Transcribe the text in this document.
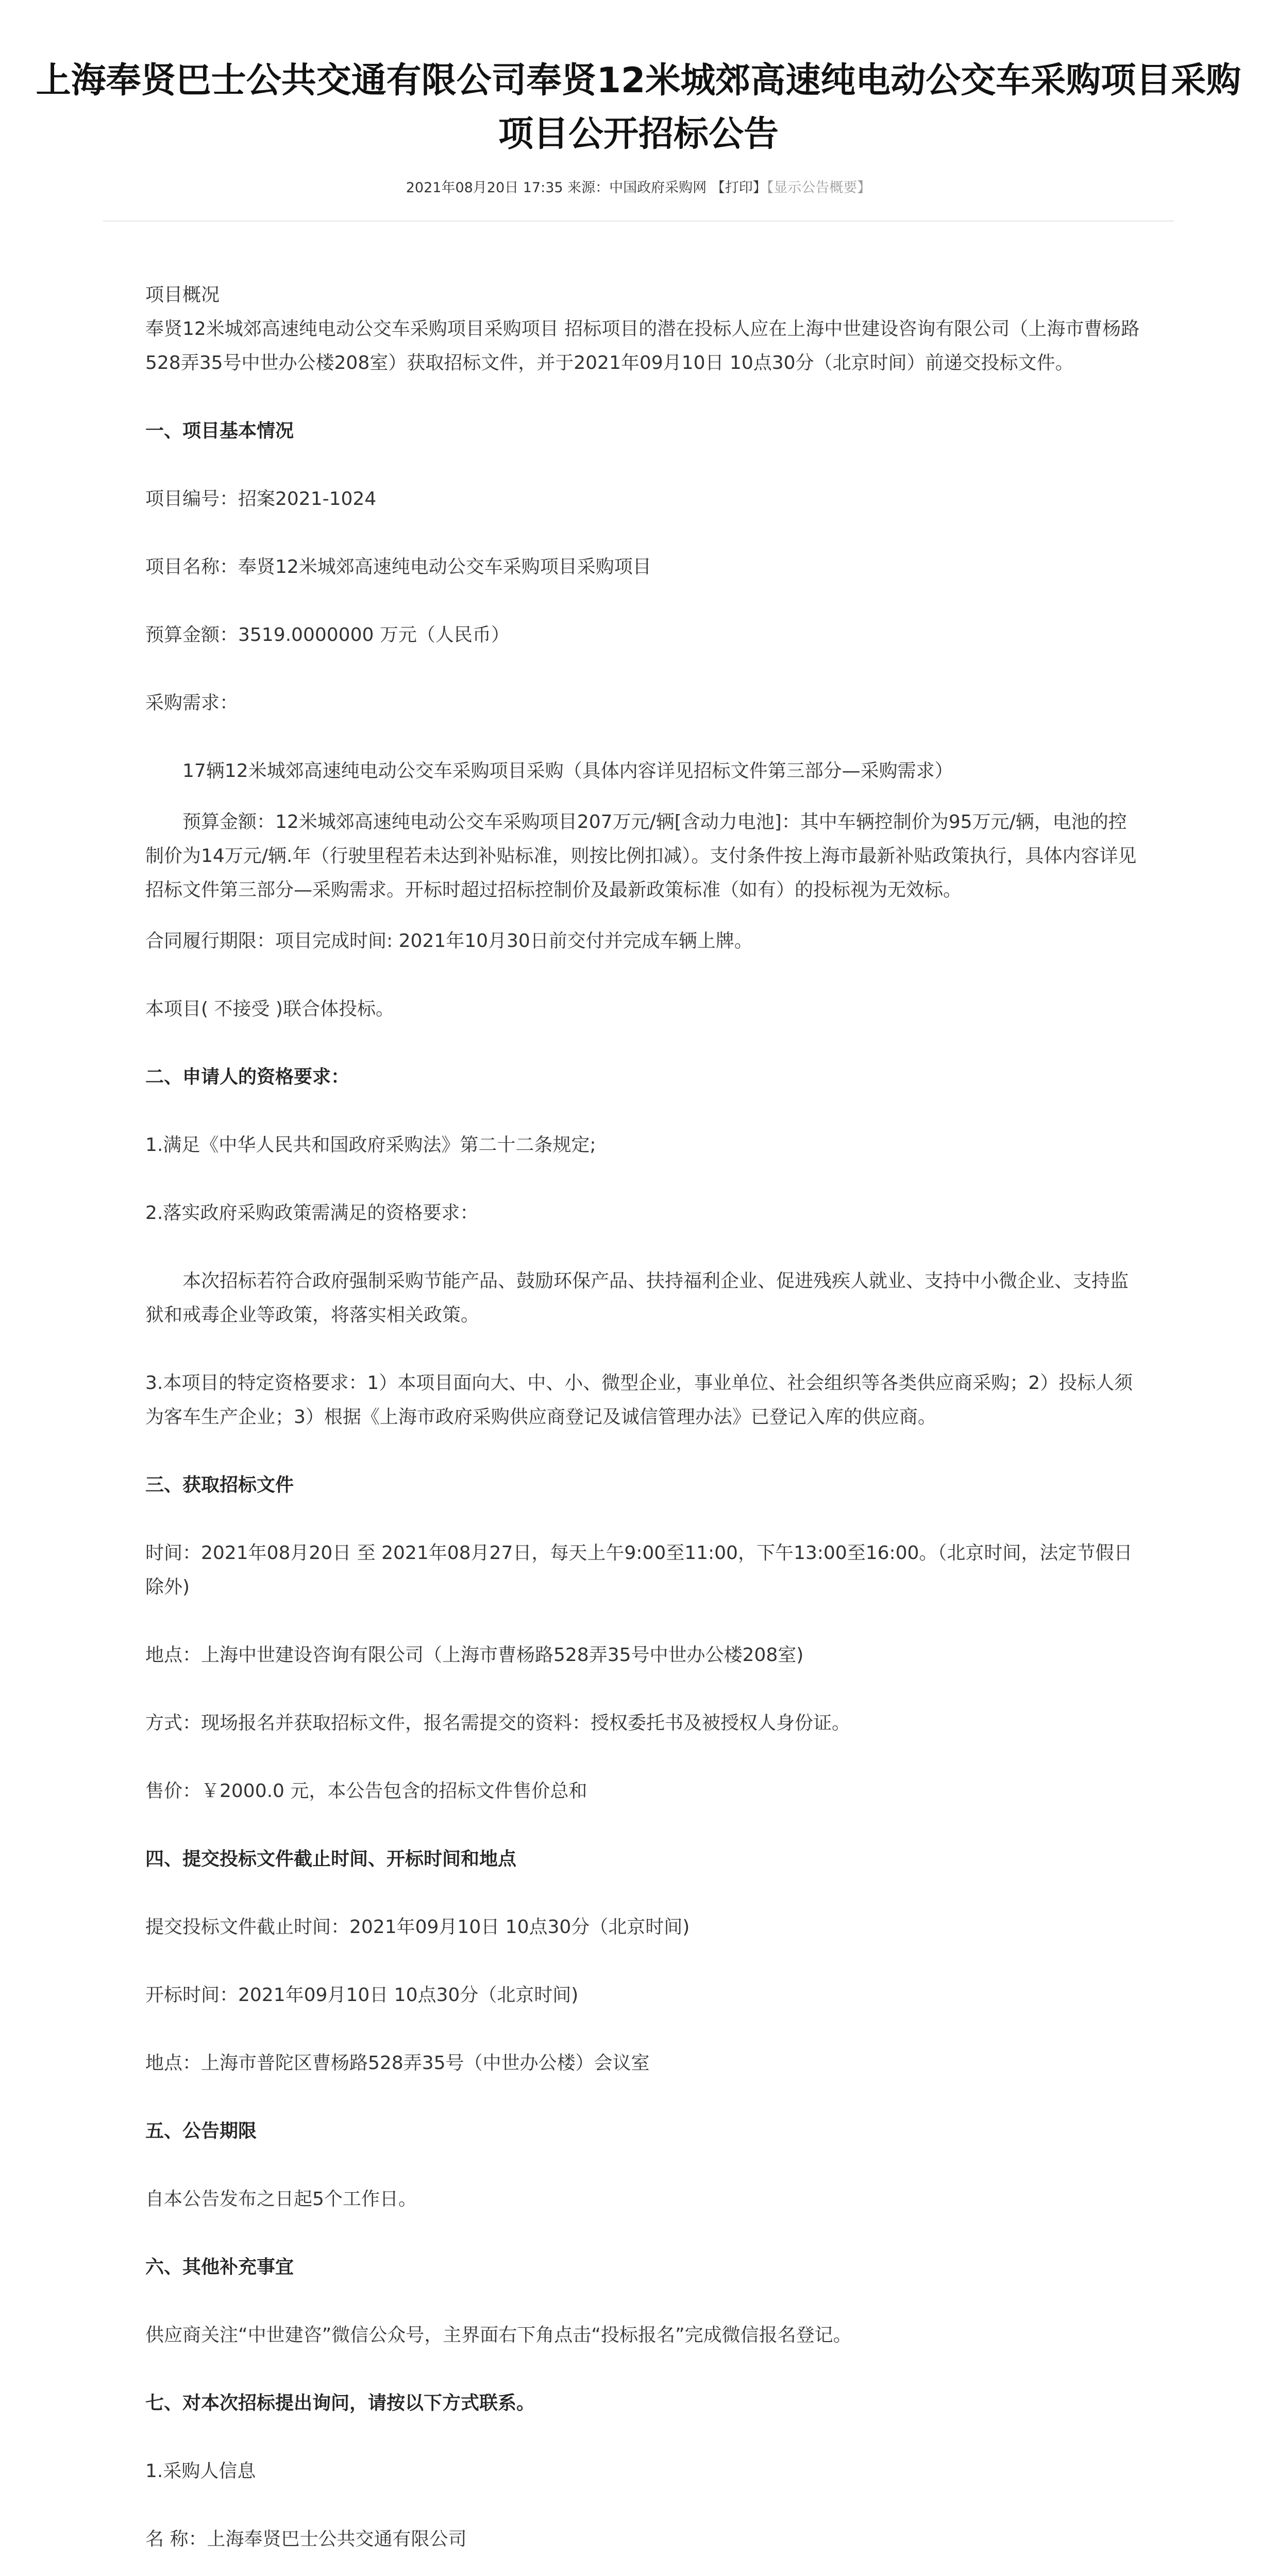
上海奉贤巴士公共交通有限公司奉贤12米城郊高速纯电动公交车采购项目采购项目公开招标公告
2021年08月20日 17:35 来源：中国政府采购网 【打印】【显示公告概要】

项目概况

奉贤12米城郊高速纯电动公交车采购项目采购项目 招标项目的潜在投标人应在上海中世建设咨询有限公司（上海市曹杨路528弄35号中世办公楼208室）获取招标文件，并于2021年09月10日 10点30分（北京时间）前递交投标文件。

一、项目基本情况

项目编号：招案2021-1024

项目名称：奉贤12米城郊高速纯电动公交车采购项目采购项目

预算金额：3519.0000000 万元（人民币）

采购需求：

17辆12米城郊高速纯电动公交车采购项目采购（具体内容详见招标文件第三部分—采购需求）

预算金额：12米城郊高速纯电动公交车采购项目207万元/辆[含动力电池]：其中车辆控制价为95万元/辆，电池的控制价为14万元/辆.年（行驶里程若未达到补贴标准，则按比例扣减）。支付条件按上海市最新补贴政策执行，具体内容详见招标文件第三部分—采购需求。开标时超过招标控制价及最新政策标准（如有）的投标视为无效标。

合同履行期限：项目完成时间: 2021年10月30日前交付并完成车辆上牌。

本项目( 不接受 )联合体投标。

二、申请人的资格要求：

1.满足《中华人民共和国政府采购法》第二十二条规定;

2.落实政府采购政策需满足的资格要求：

本次招标若符合政府强制采购节能产品、鼓励环保产品、扶持福利企业、促进残疾人就业、支持中小微企业、支持监狱和戒毒企业等政策，将落实相关政策。

3.本项目的特定资格要求：1）本项目面向大、中、小、微型企业，事业单位、社会组织等各类供应商采购；2）投标人须为客车生产企业；3）根据《上海市政府采购供应商登记及诚信管理办法》已登记入库的供应商。

三、获取招标文件

时间：2021年08月20日 至 2021年08月27日，每天上午9:00至11:00，下午13:00至16:00。（北京时间，法定节假日除外)

地点：上海中世建设咨询有限公司（上海市曹杨路528弄35号中世办公楼208室)

方式：现场报名并获取招标文件，报名需提交的资料：授权委托书及被授权人身份证。

售价：￥2000.0 元，本公告包含的招标文件售价总和

四、提交投标文件截止时间、开标时间和地点

提交投标文件截止时间：2021年09月10日 10点30分（北京时间)

开标时间：2021年09月10日 10点30分（北京时间)

地点：上海市普陀区曹杨路528弄35号（中世办公楼）会议室

五、公告期限

自本公告发布之日起5个工作日。

六、其他补充事宜

供应商关注“中世建咨”微信公众号，主界面右下角点击“投标报名”完成微信报名登记。

七、对本次招标提出询问，请按以下方式联系。

1.采购人信息

名 称：上海奉贤巴士公共交通有限公司
